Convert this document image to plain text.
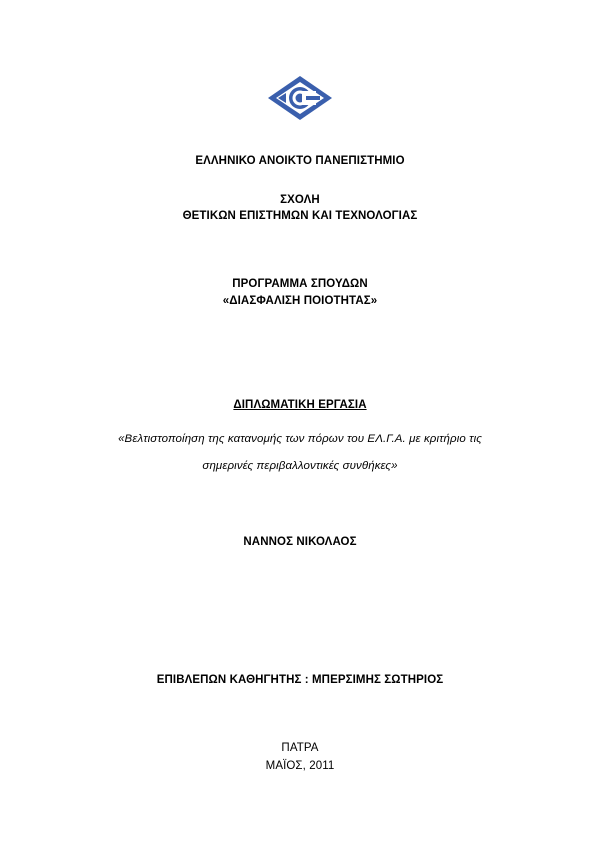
ΕΛΛΗΝΙΚΟ ΑΝΟΙΚΤΟ ΠΑΝΕΠΙΣΤΗΜΙΟ
ΣΧΟΛΗ
ΘΕΤΙΚΩΝ ΕΠΙΣΤΗΜΩΝ ΚΑΙ ΤΕΧΝΟΛΟΓΙΑΣ
ΠΡΟΓΡΑΜΜΑ ΣΠΟΥΔΩΝ
«ΔΙΑΣΦΑΛΙΣΗ ΠΟΙΟΤΗΤΑΣ»
ΔΙΠΛΩΜΑΤΙΚΗ ΕΡΓΑΣΙΑ
«Βελτιστοποίηση της κατανομής των πόρων του ΕΛ.Γ.Α. με κριτήριο τις
σημερινές περιβαλλοντικές συνθήκες»
ΝΑΝΝΟΣ ΝΙΚΟΛΑΟΣ
ΕΠΙΒΛΕΠΩΝ ΚΑΘΗΓΗΤΗΣ : ΜΠΕΡΣΙΜΗΣ ΣΩΤΗΡΙΟΣ
ΠΑΤΡΑ
ΜΑΪΟΣ, 2011
